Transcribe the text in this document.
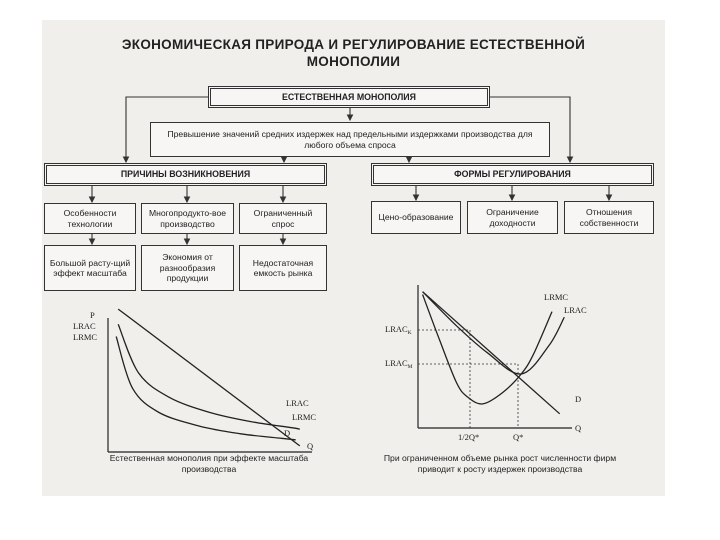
ЭКОНОМИЧЕСКАЯ ПРИРОДА И РЕГУЛИРОВАНИЕ ЕСТЕСТВЕННОЙ
МОНОПОЛИИ
ЕСТЕСТВЕННАЯ МОНОПОЛИЯ
Превышение значений средних издержек над предельными издержками производства для любого объема спроса
ПРИЧИНЫ ВОЗНИКНОВЕНИЯ	ФОРМЫ РЕГУЛИРОВАНИЯ
Особенности технологии
Многопродукто-вое производство
Ограниченный спрос
Большой расту-щий эффект масштаба
Экономия от разнообразия продукции
Недостаточная емкость рынка
Цено-образование
Ограничение доходности
Отношения собственности
P
LRAC
LRMC
Q
LRAC
LRMC
D
Естественная монополия при эффекте масштаба производства
$LRAC_K$
$LRAC_M$
1/2Q*	Q*
Q
LRMC
LRAC
D
При ограниченном объеме рынка рост численности фирм приводит к росту издержек производства
